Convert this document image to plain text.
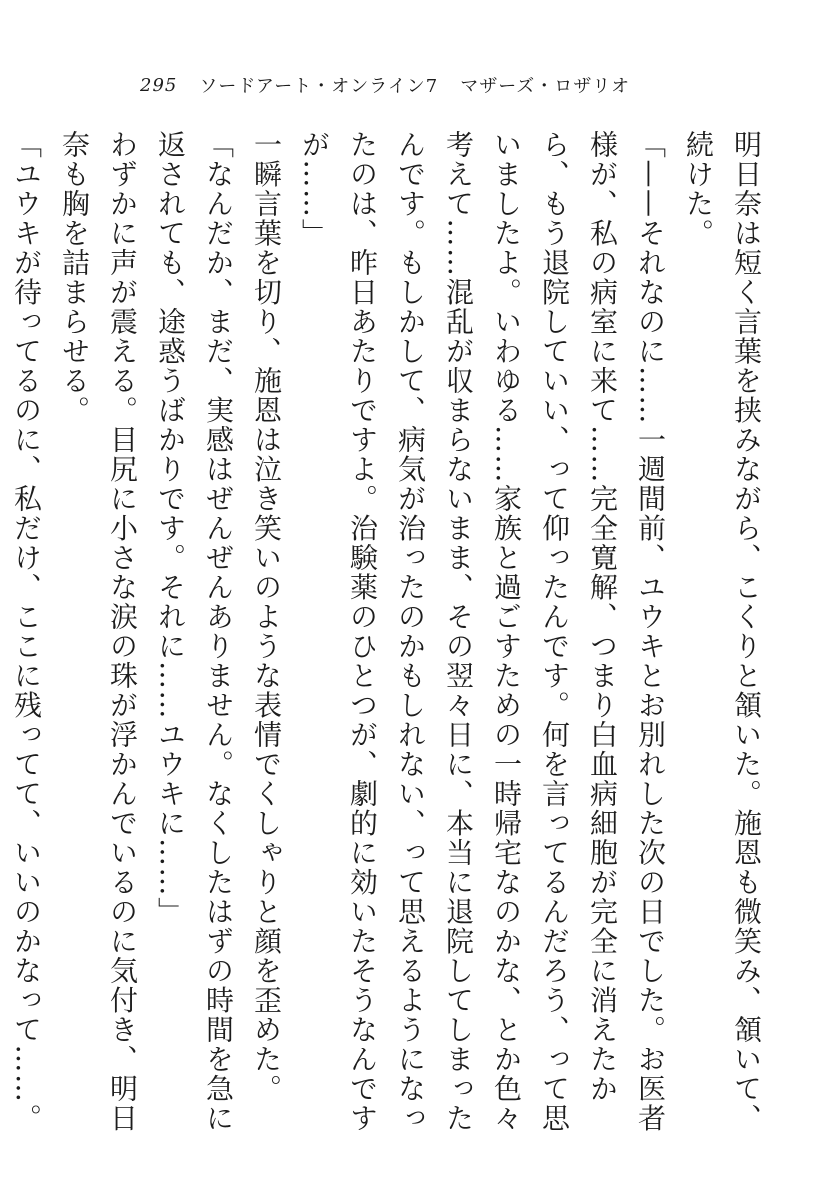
295 ソードアート・オンライン7 マザーズ・ロザリオ

明日奈は短く言葉を挟みながら、こくりと頷いた。施恩も微笑み、頷いて、続けた。

「——それなのに……一週間前、ユウキとお別れした次の日でした。お医者様が、私の病室に来て……完全寛解、つまり白血病細胞が完全に消えたから、もう退院していい、って仰ったんです。何を言ってるんだろう、って思いましたよ。いわゆる……家族と過ごすための一時帰宅なのかな、とか色々考えて……混乱が収まらないまま、その翌々日に、本当に退院してしまったんです。もしかして、病気が治ったのかもしれない、って思えるようになったのは、昨日あたりですよ。治験薬のひとつが、劇的に効いたそうなんですが……」

一瞬言葉を切り、施恩は泣き笑いのような表情でくしゃりと顔を歪めた。

「なんだか、まだ、実感はぜんぜんありません。なくしたはずの時間を急に返されても、途惑うばかりです。それに……ユウキに……」

わずかに声が震える。目尻に小さな涙の珠が浮かんでいるのに気付き、明日奈も胸を詰まらせる。

「ユウキが待ってるのに、私だけ、ここに残ってて、いいのかなって……。
